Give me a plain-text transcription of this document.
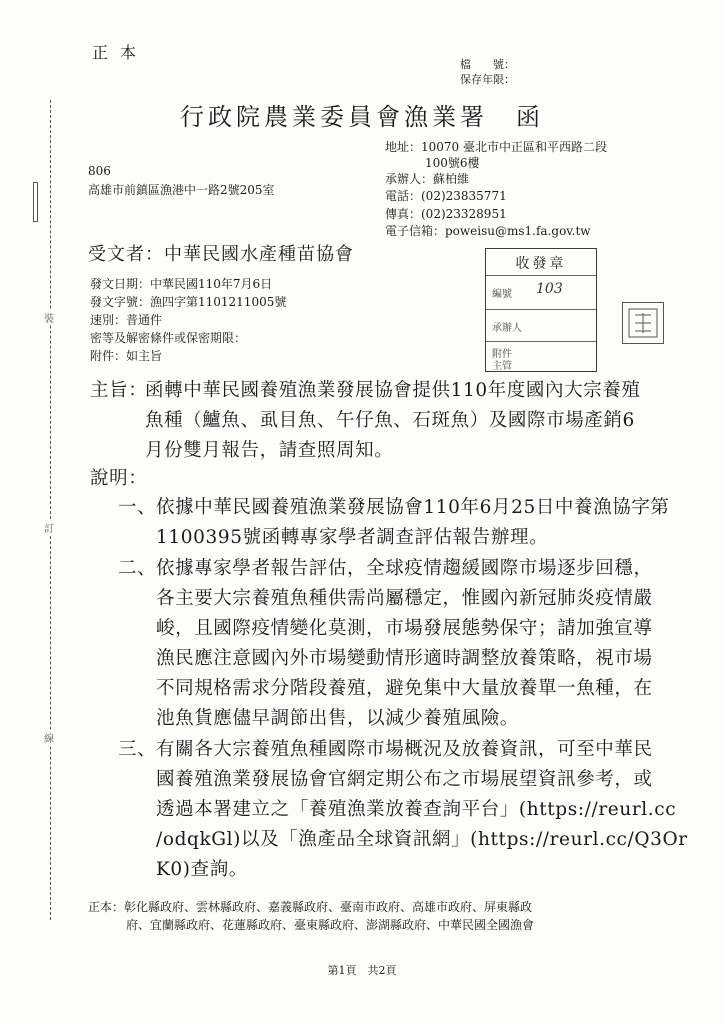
裝
訂
線
正本
檔　　號：
保存年限：
行政院農業委員會漁業署　函
地址：10070 臺北市中正區和平西路二段
100號6樓
承辦人：蘇柏維
電話：(02)23835771
傳真：(02)23328951
電子信箱：poweisu@ms1.fa.gov.tw
806
高雄市前鎮區漁港中一路2號205室
受文者：中華民國水產種苗協會
發文日期：中華民國110年7月6日
發文字號：漁四字第1101211005號
速別：普通件
密等及解密條件或保密期限：
附件：如主旨
收發章
編號 103
承辦人
附件
主管
主旨：
函轉中華民國養殖漁業發展協會提供110年度國內大宗養殖
魚種（鱸魚、虱目魚、午仔魚、石斑魚）及國際市場產銷6
月份雙月報告，請查照周知。
說明：
一、 依據中華民國養殖漁業發展協會110年6月25日中養漁協字第
1100395號函轉專家學者調查評估報告辦理。
二、 依據專家學者報告評估，全球疫情趨緩國際市場逐步回穩，
各主要大宗養殖魚種供需尚屬穩定，惟國內新冠肺炎疫情嚴
峻，且國際疫情變化莫測，市場發展態勢保守；請加強宣導
漁民應注意國內外市場變動情形適時調整放養策略，視市場
不同規格需求分階段養殖，避免集中大量放養單一魚種，在
池魚貨應儘早調節出售，以減少養殖風險。
三、 有關各大宗養殖魚種國際市場概況及放養資訊，可至中華民
國養殖漁業發展協會官網定期公布之市場展望資訊參考，或
透過本署建立之「養殖漁業放養查詢平台」(https://reurl.cc
/odqkGl)以及「漁產品全球資訊網」(https://reurl.cc/Q3Or
K0)查詢。
正本：彰化縣政府、雲林縣政府、嘉義縣政府、臺南市政府、高雄市政府、屏東縣政
府、宜蘭縣政府、花蓮縣政府、臺東縣政府、澎湖縣政府、中華民國全國漁會
第1頁　共2頁
